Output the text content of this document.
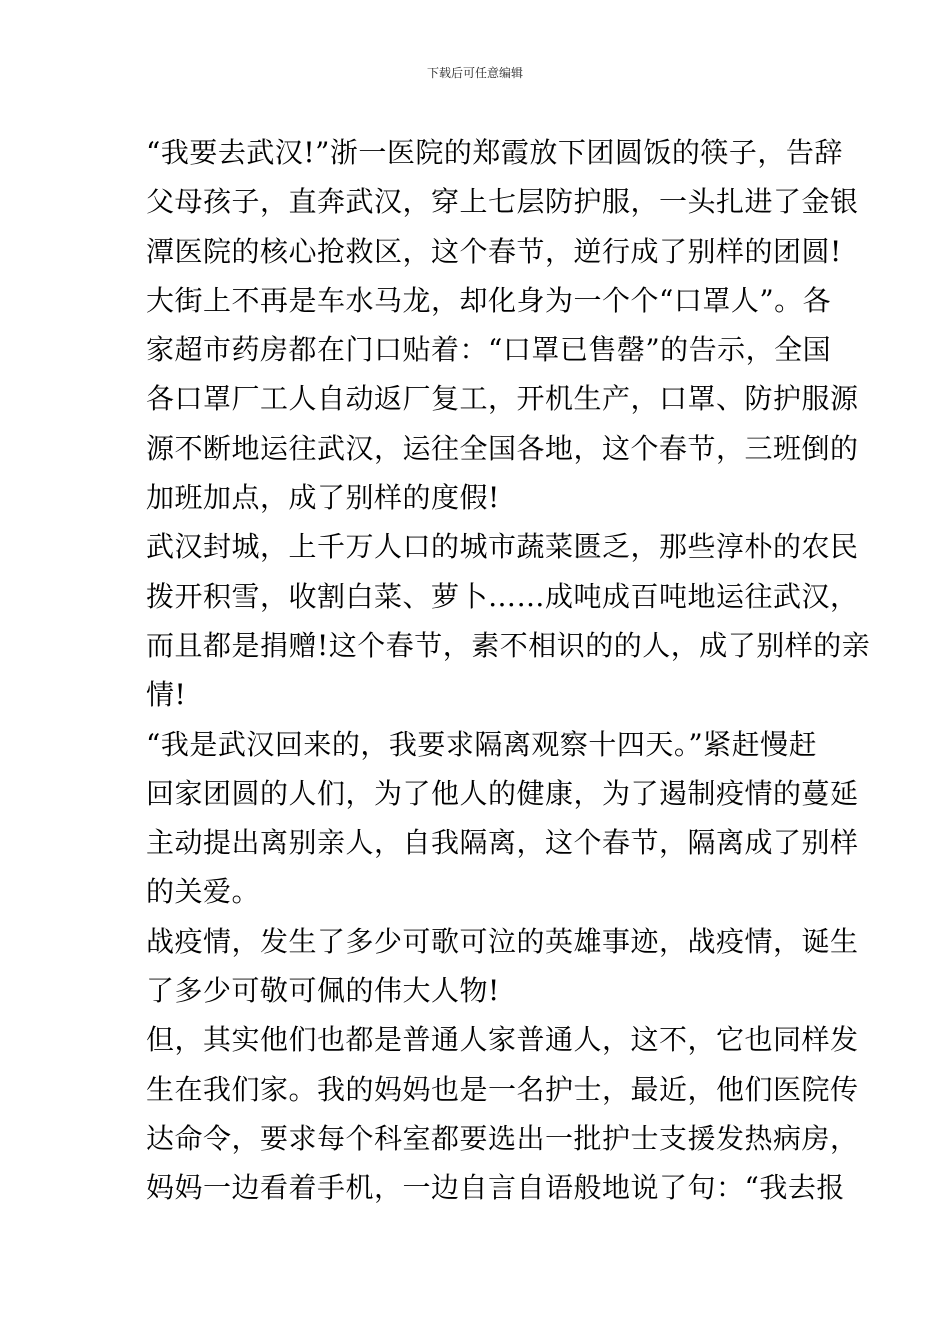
下载后可任意编辑
“我要去武汉!”浙一医院的郑霞放下团圆饭的筷子，告辞
父母孩子，直奔武汉，穿上七层防护服，一头扎进了金银
潭医院的核心抢救区，这个春节，逆行成了别样的团圆!
大街上不再是车水马龙，却化身为一个个“口罩人”。各
家超市药房都在门口贴着：“口罩已售罄”的告示，全国
各口罩厂工人自动返厂复工，开机生产，口罩、防护服源
源不断地运往武汉，运往全国各地，这个春节，三班倒的
加班加点，成了别样的度假!
武汉封城，上千万人口的城市蔬菜匮乏，那些淳朴的农民
拨开积雪，收割白菜、萝卜……成吨成百吨地运往武汉，
而且都是捐赠!这个春节，素不相识的的人，成了别样的亲
情!
“我是武汉回来的，我要求隔离观察十四天。”紧赶慢赶
回家团圆的人们，为了他人的健康，为了遏制疫情的蔓延
主动提出离别亲人，自我隔离，这个春节，隔离成了别样
的关爱。
战疫情，发生了多少可歌可泣的英雄事迹，战疫情，诞生
了多少可敬可佩的伟大人物!
但，其实他们也都是普通人家普通人，这不，它也同样发
生在我们家。我的妈妈也是一名护士，最近，他们医院传
达命令，要求每个科室都要选出一批护士支援发热病房，
妈妈一边看着手机，一边自言自语般地说了句：“我去报
